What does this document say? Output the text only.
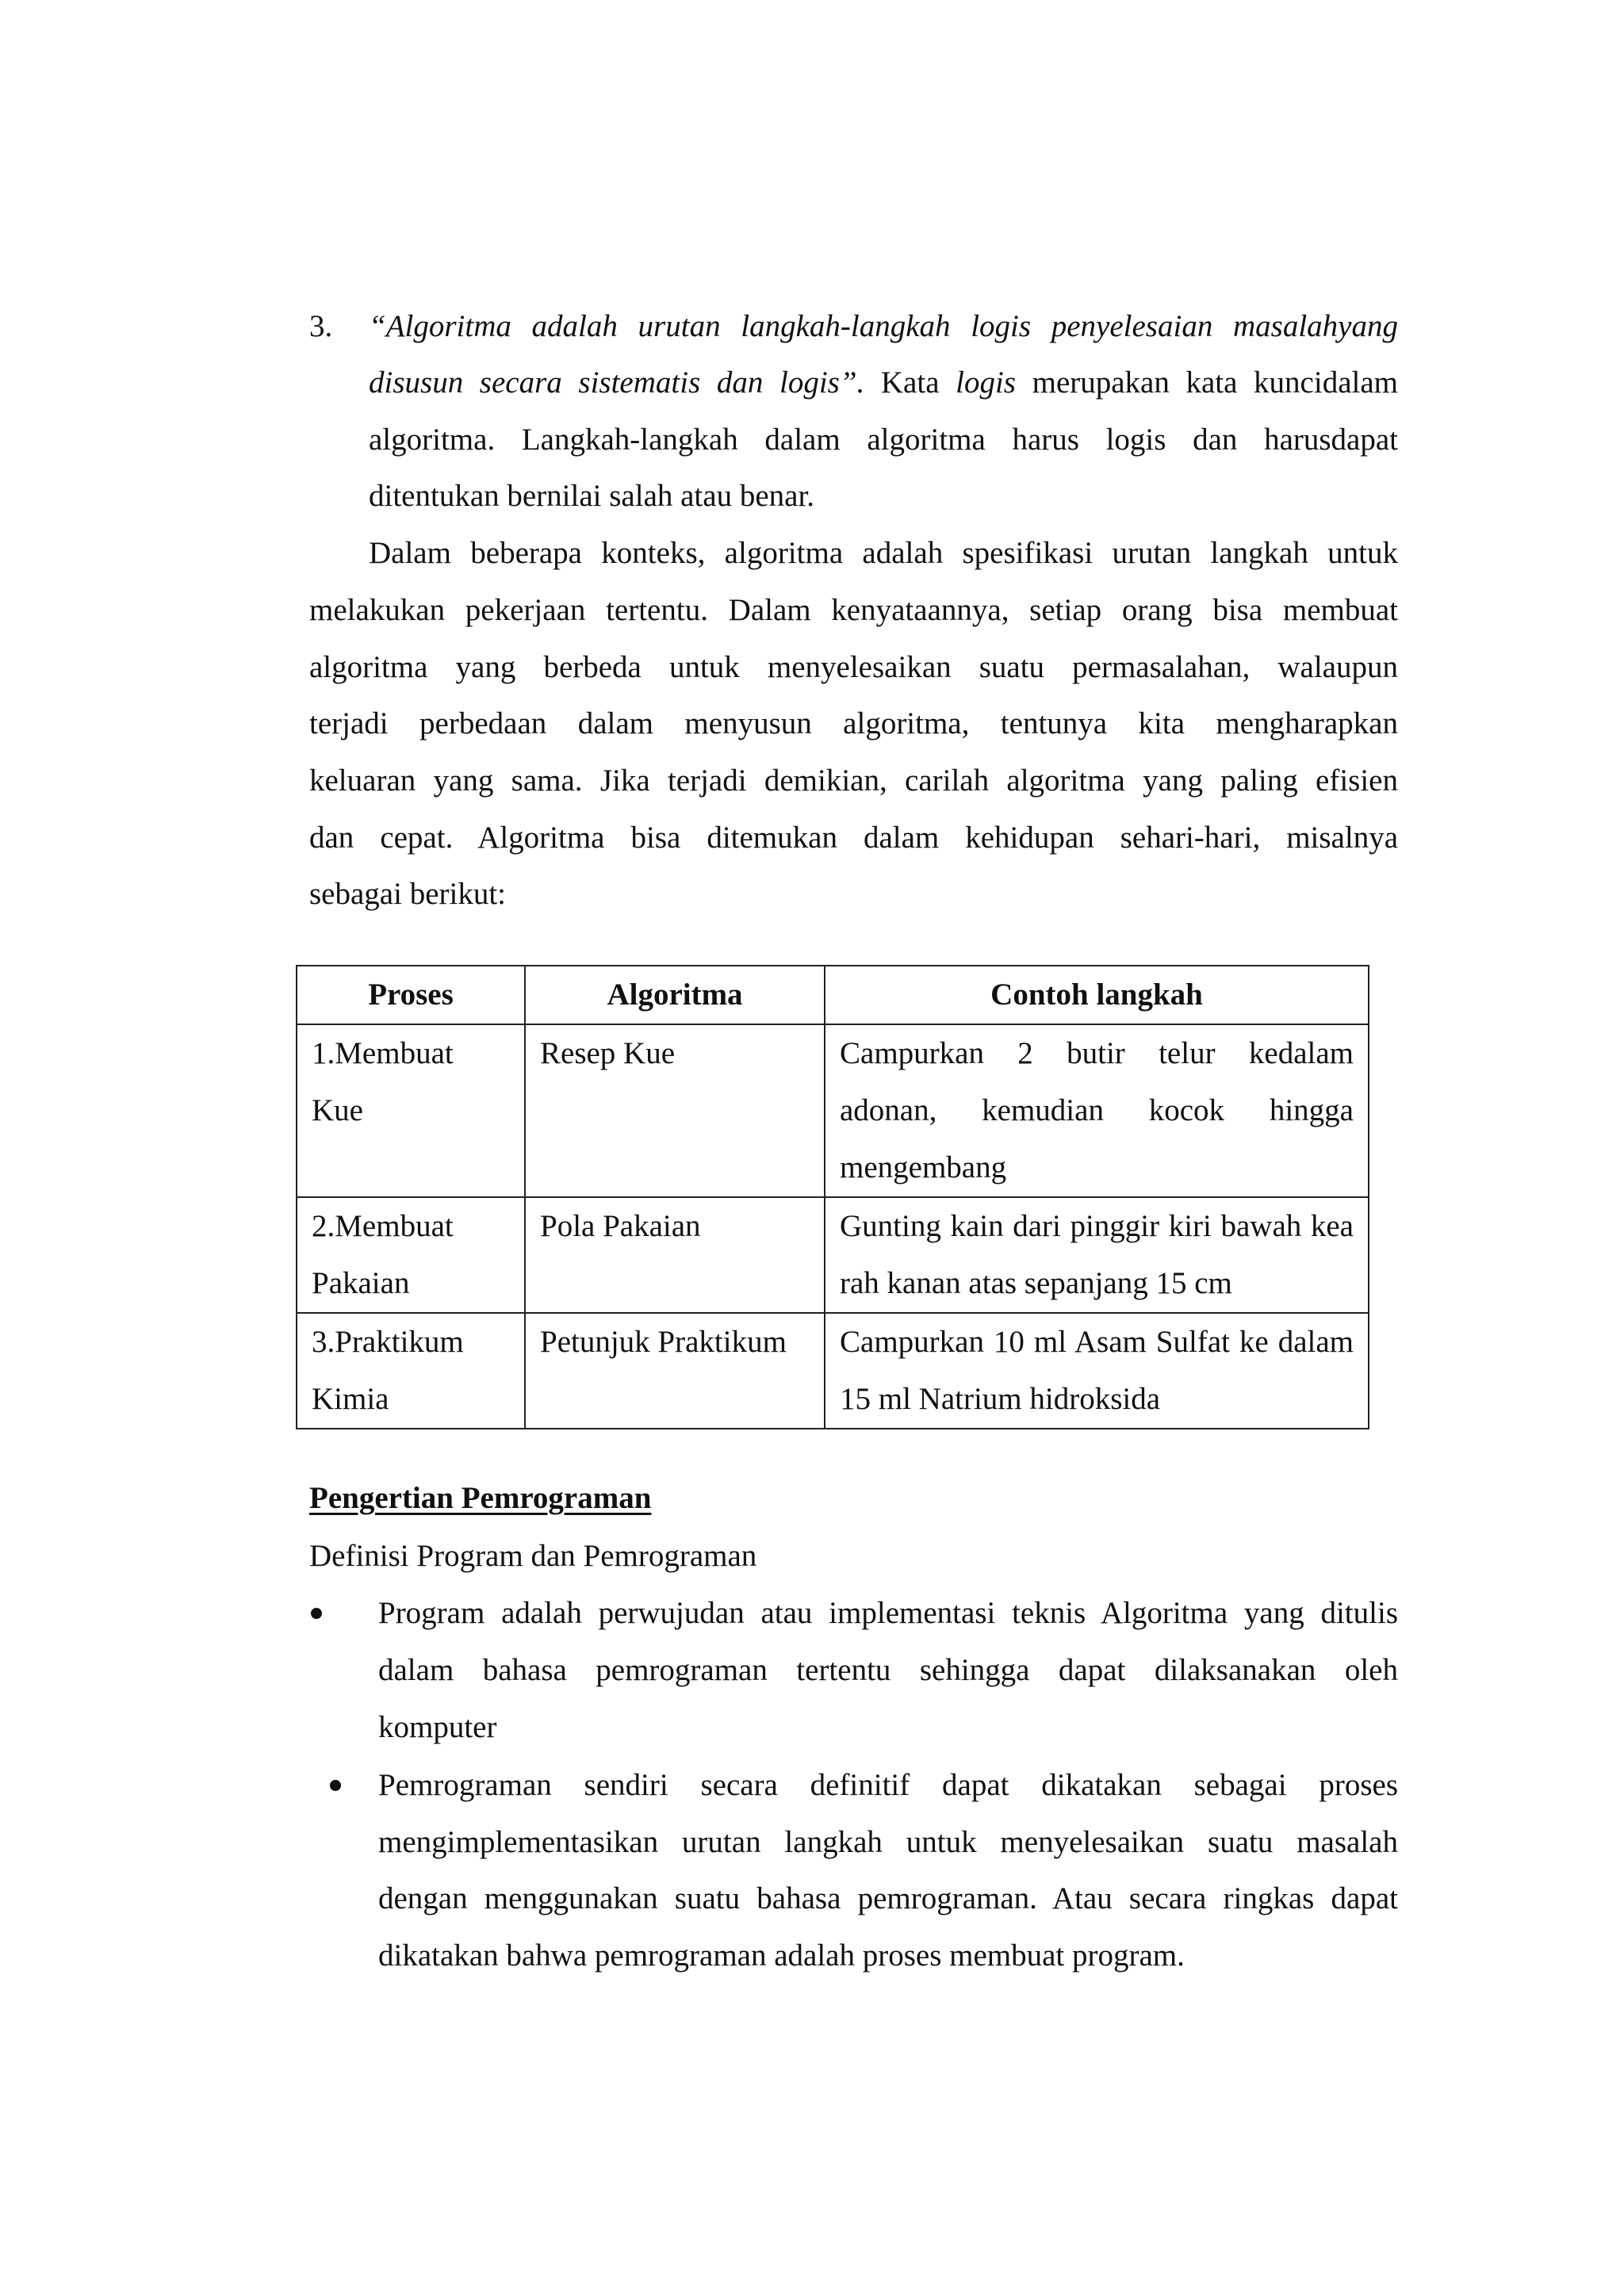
3. “Algoritma adalah urutan langkah-langkah logis penyelesaian masalahyang
disusun secara sistematis dan logis”. Kata logis merupakan kata kuncidalam
algoritma. Langkah-langkah dalam algoritma harus logis dan harusdapat
ditentukan bernilai salah atau benar.
Dalam beberapa konteks, algoritma adalah spesifikasi urutan langkah untuk
melakukan pekerjaan tertentu. Dalam kenyataannya, setiap orang bisa membuat
algoritma yang berbeda untuk menyelesaikan suatu permasalahan, walaupun
terjadi perbedaan dalam menyusun algoritma, tentunya kita mengharapkan
keluaran yang sama. Jika terjadi demikian, carilah algoritma yang paling efisien
dan cepat. Algoritma bisa ditemukan dalam kehidupan sehari-hari, misalnya
sebagai berikut:
Proses	Algoritma	Contoh langkah
1.Membuat Kue	Resep Kue	Campurkan 2 butir telur kedalam adonan, kemudian kocok hingga mengembang
2.Membuat Pakaian	Pola Pakaian	Gunting kain dari pinggir kiri bawah kea rah kanan atas sepanjang 15 cm
3.Praktikum Kimia	Petunjuk Praktikum	Campurkan 10 ml Asam Sulfat ke dalam 15 ml Natrium hidroksida
Pengertian Pemrograman
Definisi Program dan Pemrograman
Program adalah perwujudan atau implementasi teknis Algoritma yang ditulis
dalam bahasa pemrograman tertentu sehingga dapat dilaksanakan oleh
komputer
Pemrograman sendiri secara definitif dapat dikatakan sebagai proses
mengimplementasikan urutan langkah untuk menyelesaikan suatu masalah
dengan menggunakan suatu bahasa pemrograman. Atau secara ringkas dapat
dikatakan bahwa pemrograman adalah proses membuat program.
